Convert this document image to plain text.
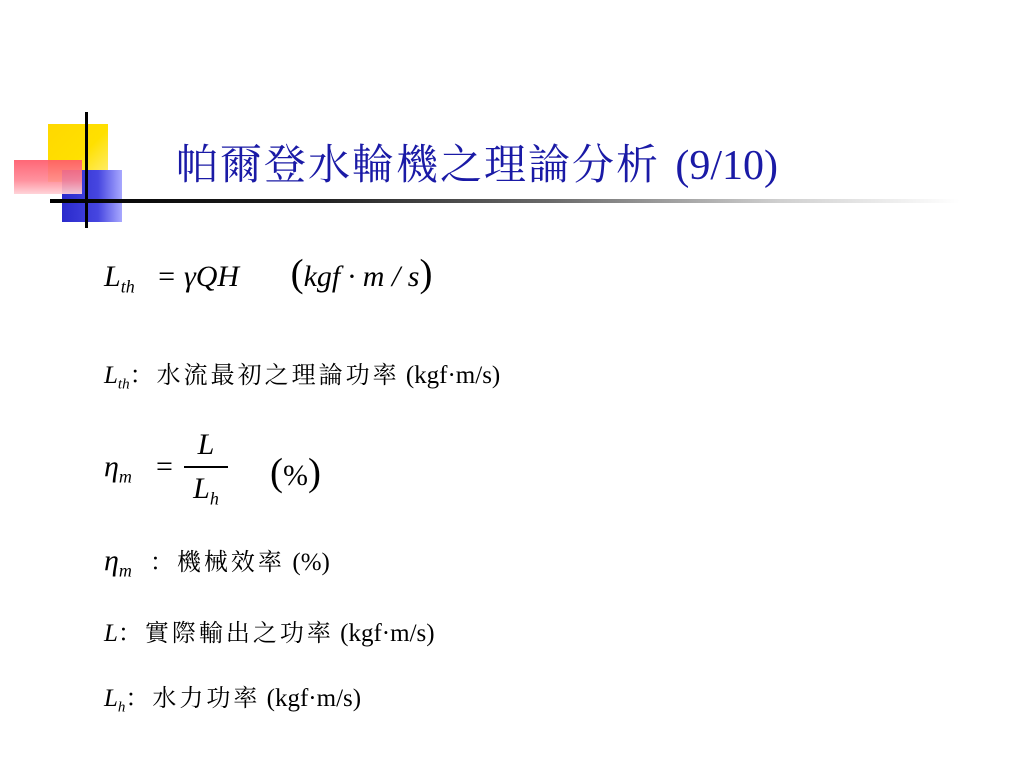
帕爾登水輪機之理論分析 (9/10)
$L_{th} = \gamma QH$ (kgf · m / s)
$L_{th}$：水流最初之理論功率 (kgf·m/s)
$\eta_m$ =
L
$L_h$
(%)
$\eta_m$ ：機械效率 (%)
L：實際輸出之功率 (kgf·m/s)
$L_h$：水力功率 (kgf·m/s)
